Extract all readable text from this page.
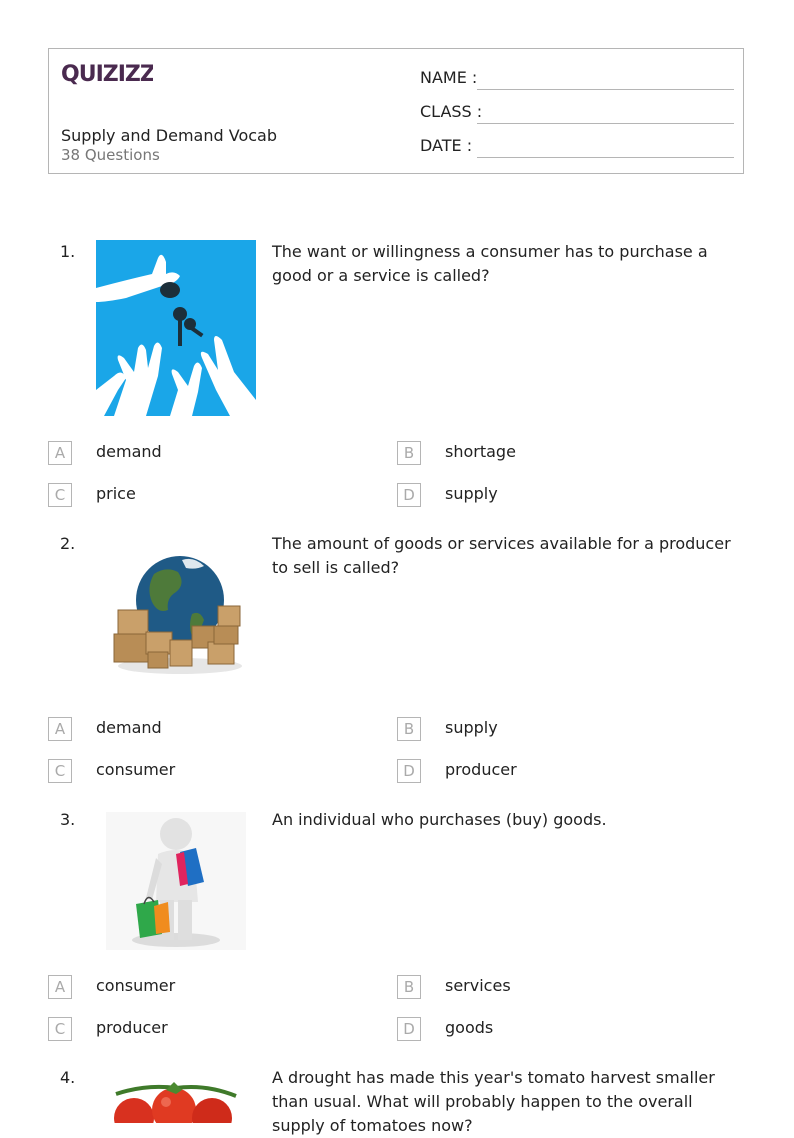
QUIZIZZ
Supply and Demand Vocab
38 Questions
NAME :
CLASS :
DATE :
1.	The want or willingness a consumer has to purchase a good or a service is called?
A	demand	B	shortage
C	price	D	supply
2.	The amount of goods or services available for a producer to sell is called?
A	demand	B	supply
C	consumer	D	producer
3.	An individual who purchases (buy) goods.
A	consumer	B	services
C	producer	D	goods
4.	A drought has made this year's tomato harvest smaller than usual. What will probably happen to the overall supply of tomatoes now?
